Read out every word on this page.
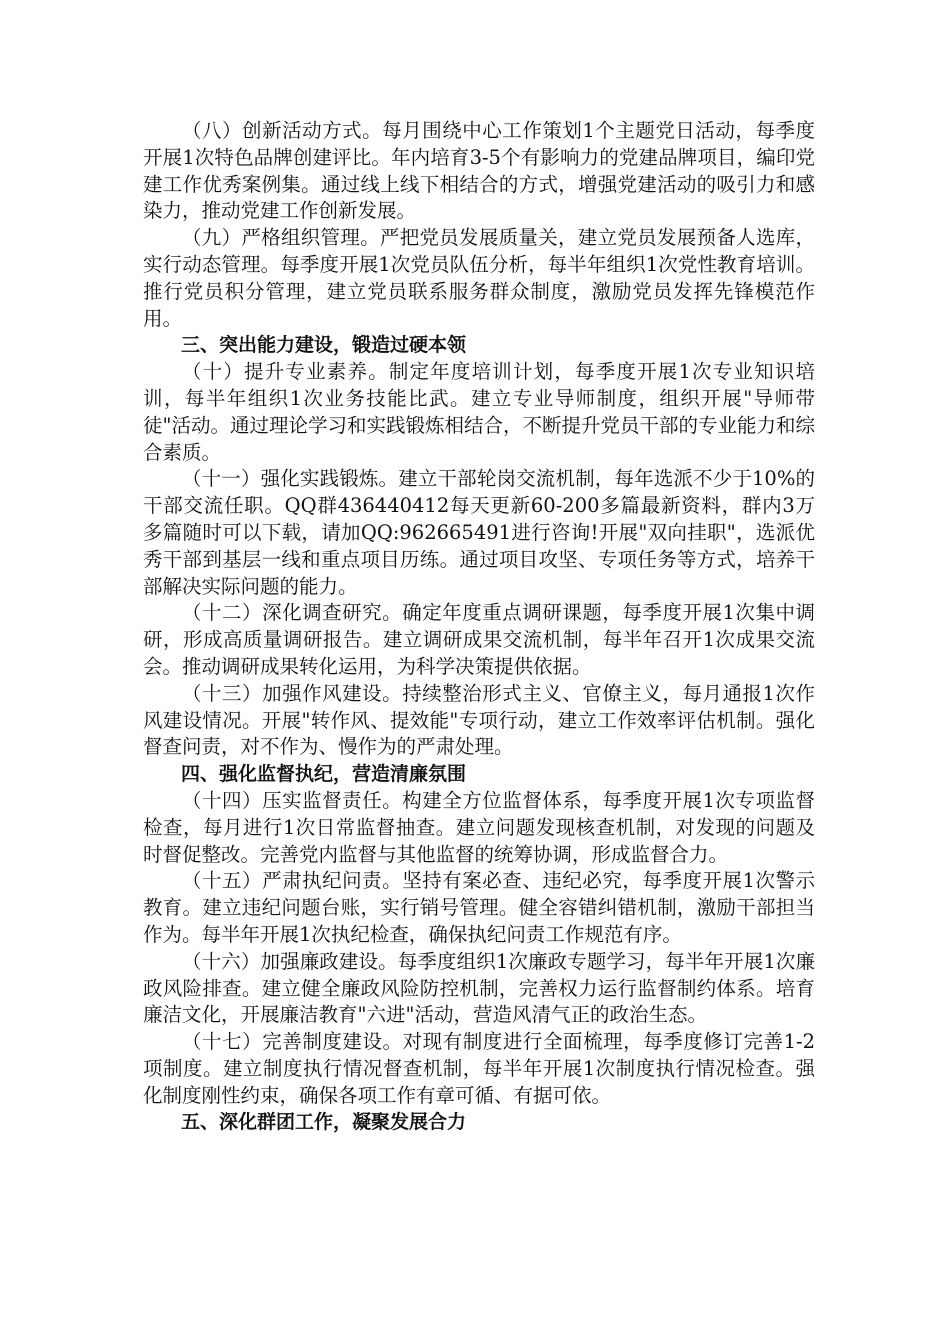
（八）创新活动方式。每月围绕中心工作策划1个主题党日活动，每季度开展1次特色品牌创建评比。年内培育3-5个有影响力的党建品牌项目，编印党建工作优秀案例集。通过线上线下相结合的方式，增强党建活动的吸引力和感染力，推动党建工作创新发展。

（九）严格组织管理。严把党员发展质量关，建立党员发展预备人选库，实行动态管理。每季度开展1次党员队伍分析，每半年组织1次党性教育培训。推行党员积分管理，建立党员联系服务群众制度，激励党员发挥先锋模范作用。

三、突出能力建设，锻造过硬本领

（十）提升专业素养。制定年度培训计划，每季度开展1次专业知识培训，每半年组织1次业务技能比武。建立专业导师制度，组织开展"导师带徒"活动。通过理论学习和实践锻炼相结合，不断提升党员干部的专业能力和综合素质。

（十一）强化实践锻炼。建立干部轮岗交流机制，每年选派不少于10%的干部交流任职。QQ群436440412每天更新60-200多篇最新资料，群内3万多篇随时可以下载，请加QQ:962665491进行咨询!开展"双向挂职"，选派优秀干部到基层一线和重点项目历练。通过项目攻坚、专项任务等方式，培养干部解决实际问题的能力。

（十二）深化调查研究。确定年度重点调研课题，每季度开展1次集中调研，形成高质量调研报告。建立调研成果交流机制，每半年召开1次成果交流会。推动调研成果转化运用，为科学决策提供依据。

（十三）加强作风建设。持续整治形式主义、官僚主义，每月通报1次作风建设情况。开展"转作风、提效能"专项行动，建立工作效率评估机制。强化督查问责，对不作为、慢作为的严肃处理。

四、强化监督执纪，营造清廉氛围

（十四）压实监督责任。构建全方位监督体系，每季度开展1次专项监督检查，每月进行1次日常监督抽查。建立问题发现核查机制，对发现的问题及时督促整改。完善党内监督与其他监督的统筹协调，形成监督合力。

（十五）严肃执纪问责。坚持有案必查、违纪必究，每季度开展1次警示教育。建立违纪问题台账，实行销号管理。健全容错纠错机制，激励干部担当作为。每半年开展1次执纪检查，确保执纪问责工作规范有序。

（十六）加强廉政建设。每季度组织1次廉政专题学习，每半年开展1次廉政风险排查。建立健全廉政风险防控机制，完善权力运行监督制约体系。培育廉洁文化，开展廉洁教育"六进"活动，营造风清气正的政治生态。

（十七）完善制度建设。对现有制度进行全面梳理，每季度修订完善1-2项制度。建立制度执行情况督查机制，每半年开展1次制度执行情况检查。强化制度刚性约束，确保各项工作有章可循、有据可依。

五、深化群团工作，凝聚发展合力
